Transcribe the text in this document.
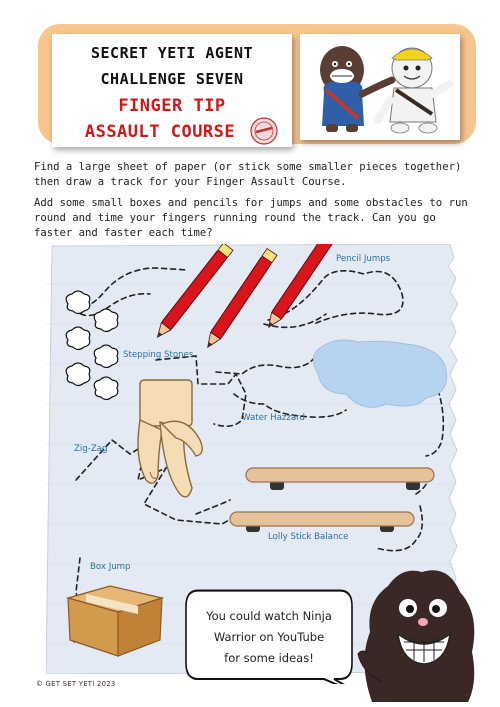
SECRET YETI AGENT
CHALLENGE SEVEN
FINGER TIP
ASSAULT COURSE
Find a large sheet of paper (or stick some smaller pieces together) then draw a track for your Finger Assault Course.
Add some small boxes and pencils for jumps and some obstacles to run round and time your fingers running round the track. Can you go faster and faster each time?
Pencil Jumps
Stepping Stones
Water Hazzard
Zig-Zag
Lolly Stick Balance
Box Jump
You could watch Ninja
Warrior on YouTube
for some ideas!
© GET SET YETI 2023
